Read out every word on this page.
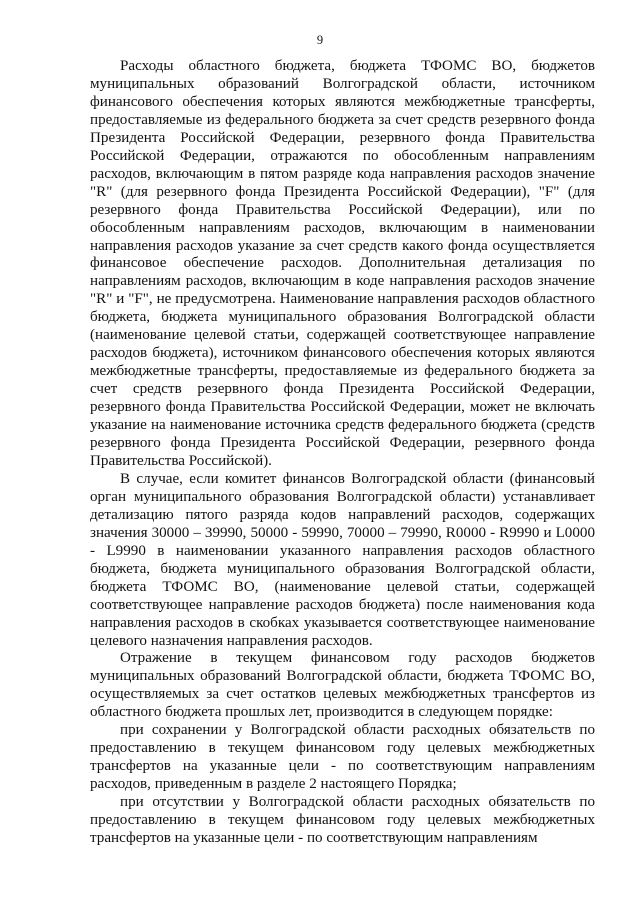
9

Расходы областного бюджета, бюджета ТФОМС ВО, бюджетов муниципальных образований Волгоградской области, источником финансового обеспечения которых являются межбюджетные трансферты, предоставляемые из федерального бюджета за счет средств резервного фонда Президента Российской Федерации, резервного фонда Правительства Российской Федерации, отражаются по обособленным направлениям расходов, включающим в пятом разряде кода направления расходов значение "R" (для резервного фонда Президента Российской Федерации), "F" (для резервного фонда Правительства Российской Федерации), или по обособленным направлениям расходов, включающим в наименовании направления расходов указание за счет средств какого фонда осуществляется финансовое обеспечение расходов. Дополнительная детализация по направлениям расходов, включающим в коде направления расходов значение "R" и "F", не предусмотрена. Наименование направления расходов областного бюджета, бюджета муниципального образования Волгоградской области (наименование целевой статьи, содержащей соответствующее направление расходов бюджета), источником финансового обеспечения которых являются межбюджетные трансферты, предоставляемые из федерального бюджета за счет средств резервного фонда Президента Российской Федерации, резервного фонда Правительства Российской Федерации, может не включать указание на наименование источника средств федерального бюджета (средств резервного фонда Президента Российской Федерации, резервного фонда Правительства Российской).

В случае, если комитет финансов Волгоградской области (финансовый орган муниципального образования Волгоградской области) устанавливает детализацию пятого разряда кодов направлений расходов, содержащих значения 30000 – 39990, 50000 - 59990, 70000 – 79990, R0000 - R9990 и L0000 - L9990 в наименовании указанного направления расходов областного бюджета, бюджета муниципального образования Волгоградской области, бюджета ТФОМС ВО, (наименование целевой статьи, содержащей соответствующее направление расходов бюджета) после наименования кода направления расходов в скобках указывается соответствующее наименование целевого назначения направления расходов.

Отражение в текущем финансовом году расходов бюджетов муниципальных образований Волгоградской области, бюджета ТФОМС ВО, осуществляемых за счет остатков целевых межбюджетных трансфертов из областного бюджета прошлых лет, производится в следующем порядке:

при сохранении у Волгоградской области расходных обязательств по предоставлению в текущем финансовом году целевых межбюджетных трансфертов на указанные цели - по соответствующим направлениям расходов, приведенным в разделе 2 настоящего Порядка;

при отсутствии у Волгоградской области расходных обязательств по предоставлению в текущем финансовом году целевых межбюджетных трансфертов на указанные цели - по соответствующим направлениям
